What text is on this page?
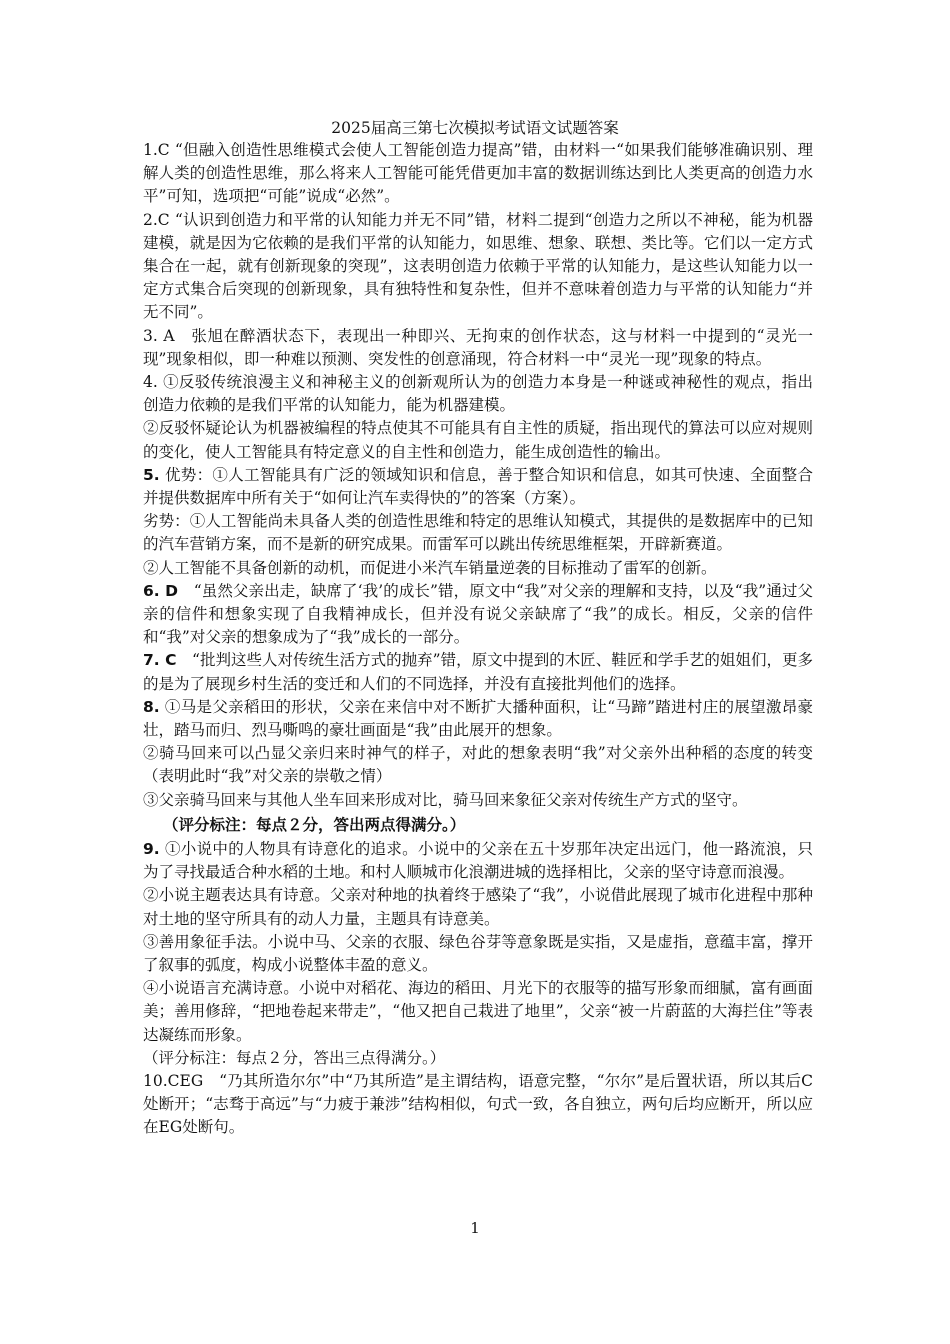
2025届高三第七次模拟考试语文试题答案

1.C “但融入创造性思维模式会使人工智能创造力提高”错，由材料一“如果我们能够准确识别、理解人类的创造性思维，那么将来人工智能可能凭借更加丰富的数据训练达到比人类更高的创造力水平”可知，选项把“可能”说成“必然”。

2.C “认识到创造力和平常的认知能力并无不同”错，材料二提到“创造力之所以不神秘，能为机器建模，就是因为它依赖的是我们平常的认知能力，如思维、想象、联想、类比等。它们以一定方式集合在一起，就有创新现象的突现”，这表明创造力依赖于平常的认知能力，是这些认知能力以一定方式集合后突现的创新现象，具有独特性和复杂性，但并不意味着创造力与平常的认知能力“并无不同”。

3. A　张旭在醉酒状态下，表现出一种即兴、无拘束的创作状态，这与材料一中提到的“灵光一现”现象相似，即一种难以预测、突发性的创意涌现，符合材料一中“灵光一现”现象的特点。

4. ①反驳传统浪漫主义和神秘主义的创新观所认为的创造力本身是一种谜或神秘性的观点，指出创造力依赖的是我们平常的认知能力，能为机器建模。

②反驳怀疑论认为机器被编程的特点使其不可能具有自主性的质疑，指出现代的算法可以应对规则的变化，使人工智能具有特定意义的自主性和创造力，能生成创造性的输出。

5. 优势：①人工智能具有广泛的领域知识和信息，善于整合知识和信息，如其可快速、全面整合并提供数据库中所有关于“如何让汽车卖得快的”的答案（方案）。

劣势：①人工智能尚未具备人类的创造性思维和特定的思维认知模式，其提供的是数据库中的已知的汽车营销方案，而不是新的研究成果。而雷军可以跳出传统思维框架，开辟新赛道。

②人工智能不具备创新的动机，而促进小米汽车销量逆袭的目标推动了雷军的创新。

6. D　“虽然父亲出走，缺席了‘我’的成长”错，原文中“我”对父亲的理解和支持，以及“我”通过父亲的信件和想象实现了自我精神成长，但并没有说父亲缺席了“我”的成长。相反，父亲的信件和“我”对父亲的想象成为了“我”成长的一部分。

7. C　“批判这些人对传统生活方式的抛弃”错，原文中提到的木匠、鞋匠和学手艺的姐姐们，更多的是为了展现乡村生活的变迁和人们的不同选择，并没有直接批判他们的选择。

8. ①马是父亲稻田的形状，父亲在来信中对不断扩大播种面积，让“马蹄”踏进村庄的展望激昂豪壮，踏马而归、烈马嘶鸣的豪壮画面是“我”由此展开的想象。

②骑马回来可以凸显父亲归来时神气的样子，对此的想象表明“我”对父亲外出种稻的态度的转变（表明此时“我”对父亲的崇敬之情）

③父亲骑马回来与其他人坐车回来形成对比，骑马回来象征父亲对传统生产方式的坚守。

（评分标注：每点２分，答出两点得满分。）

9. ①小说中的人物具有诗意化的追求。小说中的父亲在五十岁那年决定出远门，他一路流浪，只为了寻找最适合种水稻的土地。和村人顺城市化浪潮进城的选择相比，父亲的坚守诗意而浪漫。

②小说主题表达具有诗意。父亲对种地的执着终于感染了“我”，小说借此展现了城市化进程中那种对土地的坚守所具有的动人力量，主题具有诗意美。

③善用象征手法。小说中马、父亲的衣服、绿色谷芽等意象既是实指，又是虚指，意蕴丰富，撑开了叙事的弧度，构成小说整体丰盈的意义。

④小说语言充满诗意。小说中对稻花、海边的稻田、月光下的衣服等的描写形象而细腻，富有画面美；善用修辞，“把地卷起来带走”，“他又把自己栽进了地里”，父亲“被一片蔚蓝的大海拦住”等表达凝练而形象。

（评分标注：每点２分，答出三点得满分。）

10.CEG　“乃其所造尔尔”中“乃其所造”是主谓结构，语意完整，“尔尔”是后置状语，所以其后C处断开；“志骛于高远”与“力疲于兼涉”结构相似，句式一致，各自独立，两句后均应断开，所以应在EG处断句。

1
